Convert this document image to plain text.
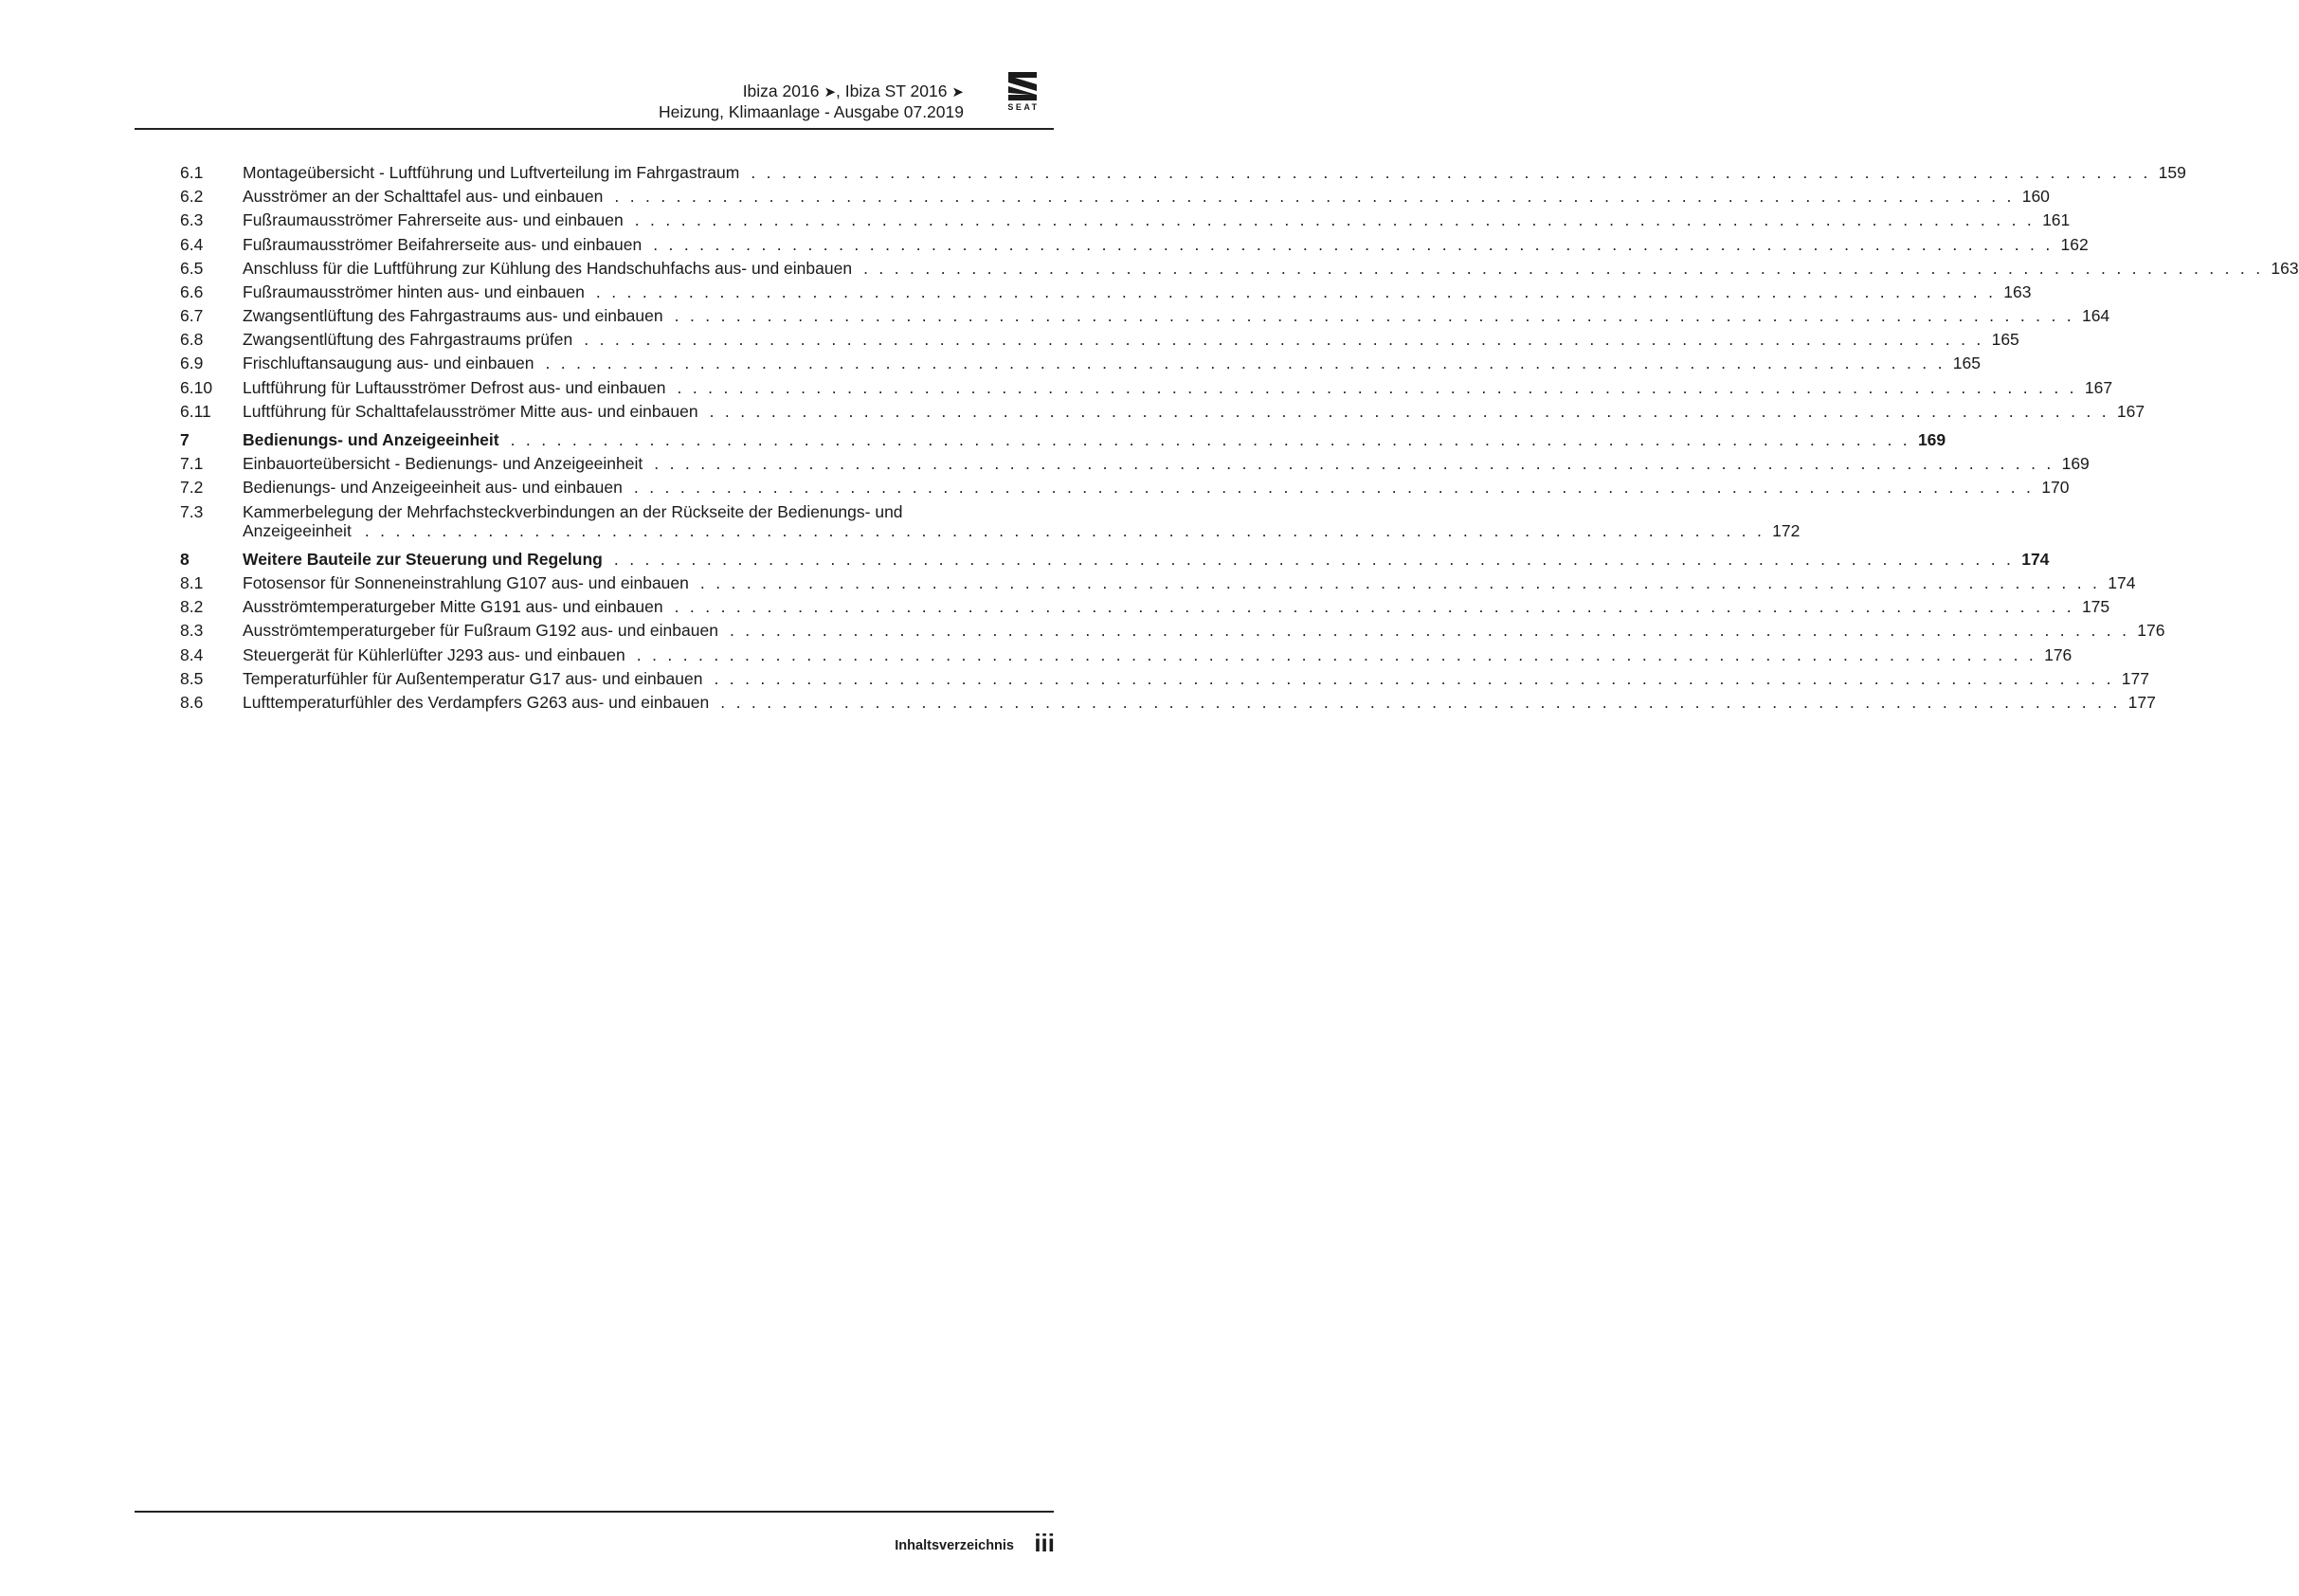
Ibiza 2016 ➤, Ibiza ST 2016 ➤
Heizung, Klimaanlage - Ausgabe 07.2019	SEAT
6.1	Montageübersicht - Luftführung und Luftverteilung im Fahrgastraum . . . . . . . . . . . . . . . . . . . . . . . . . . . . . . . . . . . . . . . . . . . . . . . . . . . . . . . . . . . . . . . . . . . . . . . . . . . . . . . . . . . . . . . . . . . 159
6.2	Ausströmer an der Schalttafel aus- und einbauen . . . . . . . . . . . . . . . . . . . . . . . . . . . . . . . . . . . . . . . . . . . . . . . . . . . . . . . . . . . . . . . . . . . . . . . . . . . . . . . . . . . . . . . . . . . 160
6.3	Fußraumausströmer Fahrerseite aus- und einbauen . . . . . . . . . . . . . . . . . . . . . . . . . . . . . . . . . . . . . . . . . . . . . . . . . . . . . . . . . . . . . . . . . . . . . . . . . . . . . . . . . . . . . . . . . . . 161
6.4	Fußraumausströmer Beifahrerseite aus- und einbauen . . . . . . . . . . . . . . . . . . . . . . . . . . . . . . . . . . . . . . . . . . . . . . . . . . . . . . . . . . . . . . . . . . . . . . . . . . . . . . . . . . . . . . . . . . . 162
6.5	Anschluss für die Luftführung zur Kühlung des Handschuhfachs aus- und einbauen . . . . . . . . . . . . . . . . . . . . . . . . . . . . . . . . . . . . . . . . . . . . . . . . . . . . . . . . . . . . . . . . . . . . . . . . . . . . . . . . . . . . . . . . . . . 163
6.6	Fußraumausströmer hinten aus- und einbauen . . . . . . . . . . . . . . . . . . . . . . . . . . . . . . . . . . . . . . . . . . . . . . . . . . . . . . . . . . . . . . . . . . . . . . . . . . . . . . . . . . . . . . . . . . . 163
6.7	Zwangsentlüftung des Fahrgastraums aus- und einbauen . . . . . . . . . . . . . . . . . . . . . . . . . . . . . . . . . . . . . . . . . . . . . . . . . . . . . . . . . . . . . . . . . . . . . . . . . . . . . . . . . . . . . . . . . . . 164
6.8	Zwangsentlüftung des Fahrgastraums prüfen . . . . . . . . . . . . . . . . . . . . . . . . . . . . . . . . . . . . . . . . . . . . . . . . . . . . . . . . . . . . . . . . . . . . . . . . . . . . . . . . . . . . . . . . . . . 165
6.9	Frischluftansaugung aus- und einbauen . . . . . . . . . . . . . . . . . . . . . . . . . . . . . . . . . . . . . . . . . . . . . . . . . . . . . . . . . . . . . . . . . . . . . . . . . . . . . . . . . . . . . . . . . . . 165
6.10	Luftführung für Luftausströmer Defrost aus- und einbauen . . . . . . . . . . . . . . . . . . . . . . . . . . . . . . . . . . . . . . . . . . . . . . . . . . . . . . . . . . . . . . . . . . . . . . . . . . . . . . . . . . . . . . . . . . . 167
6.11	Luftführung für Schalttafelausströmer Mitte aus- und einbauen . . . . . . . . . . . . . . . . . . . . . . . . . . . . . . . . . . . . . . . . . . . . . . . . . . . . . . . . . . . . . . . . . . . . . . . . . . . . . . . . . . . . . . . . . . . 167
7	Bedienungs- und Anzeigeeinheit . . . . . . . . . . . . . . . . . . . . . . . . . . . . . . . . . . . . . . . . . . . . . . . . . . . . . . . . . . . . . . . . . . . . . . . . . . . . . . . . . . . . . . . . . . . 169
7.1	Einbauorteübersicht - Bedienungs- und Anzeigeeinheit . . . . . . . . . . . . . . . . . . . . . . . . . . . . . . . . . . . . . . . . . . . . . . . . . . . . . . . . . . . . . . . . . . . . . . . . . . . . . . . . . . . . . . . . . . . 169
7.2	Bedienungs- und Anzeigeeinheit aus- und einbauen . . . . . . . . . . . . . . . . . . . . . . . . . . . . . . . . . . . . . . . . . . . . . . . . . . . . . . . . . . . . . . . . . . . . . . . . . . . . . . . . . . . . . . . . . . . 170
7.3	Kammerbelegung der Mehrfachsteckverbindungen an der Rückseite der Bedienungs- und
Anzeigeeinheit . . . . . . . . . . . . . . . . . . . . . . . . . . . . . . . . . . . . . . . . . . . . . . . . . . . . . . . . . . . . . . . . . . . . . . . . . . . . . . . . . . . . . . . . . . . 172
8	Weitere Bauteile zur Steuerung und Regelung . . . . . . . . . . . . . . . . . . . . . . . . . . . . . . . . . . . . . . . . . . . . . . . . . . . . . . . . . . . . . . . . . . . . . . . . . . . . . . . . . . . . . . . . . . . 174
8.1	Fotosensor für Sonneneinstrahlung G107 aus- und einbauen . . . . . . . . . . . . . . . . . . . . . . . . . . . . . . . . . . . . . . . . . . . . . . . . . . . . . . . . . . . . . . . . . . . . . . . . . . . . . . . . . . . . . . . . . . . 174
8.2	Ausströmtemperaturgeber Mitte G191 aus- und einbauen . . . . . . . . . . . . . . . . . . . . . . . . . . . . . . . . . . . . . . . . . . . . . . . . . . . . . . . . . . . . . . . . . . . . . . . . . . . . . . . . . . . . . . . . . . . 175
8.3	Ausströmtemperaturgeber für Fußraum G192 aus- und einbauen . . . . . . . . . . . . . . . . . . . . . . . . . . . . . . . . . . . . . . . . . . . . . . . . . . . . . . . . . . . . . . . . . . . . . . . . . . . . . . . . . . . . . . . . . . . 176
8.4	Steuergerät für Kühlerlüfter J293 aus- und einbauen . . . . . . . . . . . . . . . . . . . . . . . . . . . . . . . . . . . . . . . . . . . . . . . . . . . . . . . . . . . . . . . . . . . . . . . . . . . . . . . . . . . . . . . . . . . 176
8.5	Temperaturfühler für Außentemperatur G17 aus- und einbauen . . . . . . . . . . . . . . . . . . . . . . . . . . . . . . . . . . . . . . . . . . . . . . . . . . . . . . . . . . . . . . . . . . . . . . . . . . . . . . . . . . . . . . . . . . . 177
8.6	Lufttemperaturfühler des Verdampfers G263 aus- und einbauen . . . . . . . . . . . . . . . . . . . . . . . . . . . . . . . . . . . . . . . . . . . . . . . . . . . . . . . . . . . . . . . . . . . . . . . . . . . . . . . . . . . . . . . . . . . 177
Inhaltsverzeichnis iii
